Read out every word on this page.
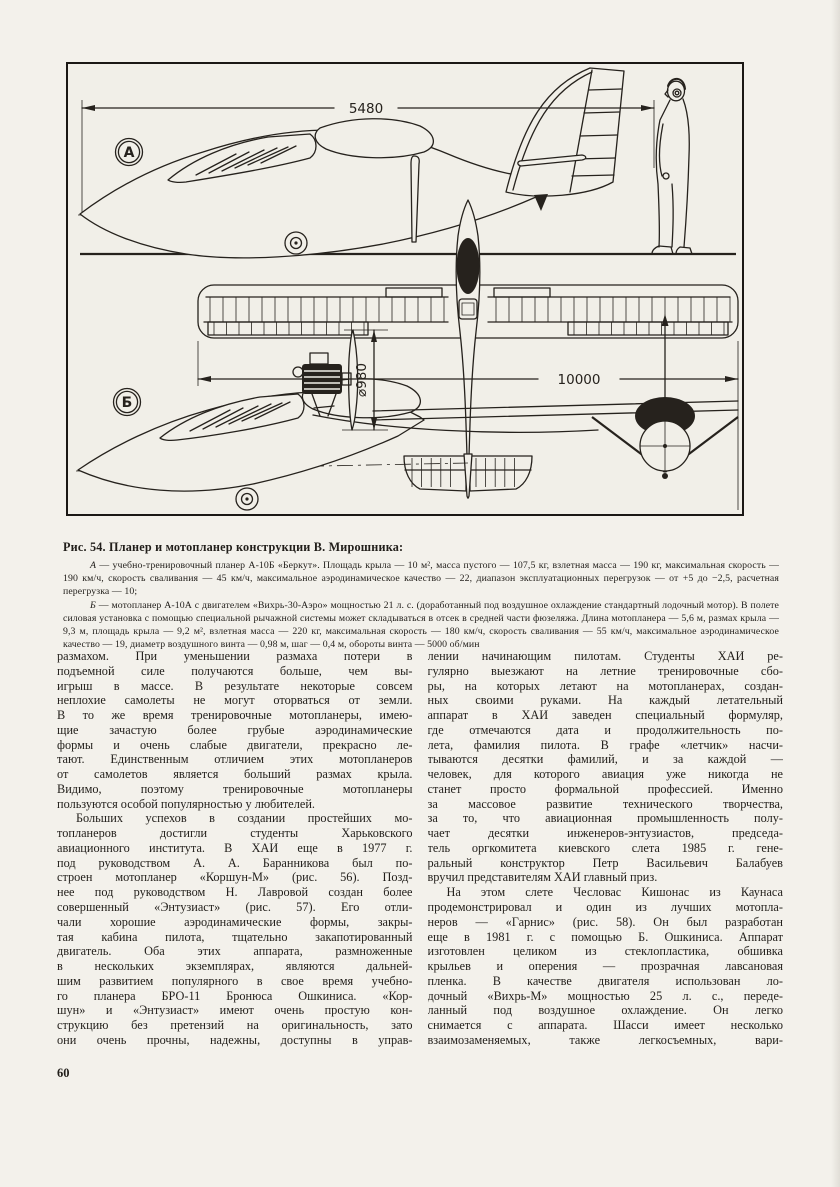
5480
А
⌀980	10000
Б
Рис. 54. Планер и мотопланер конструкции В. Мирошника:

А — учебно-тренировочный планер А-10Б «Беркут». Площадь крыла — 10 м², масса пустого — 107,5 кг, взлетная масса — 190 кг, максимальная скорость — 190 км/ч, скорость сваливания — 45 км/ч, максимальное аэродинамическое качество — 22, диапазон эксплуатационных перегрузок — от +5 до −2,5, расчетная перегрузка — 10;

Б — мотопланер А-10А с двигателем «Вихрь-30-Аэро» мощностью 21 л. с. (доработанный под воздушное охлаждение стандартный лодочный мотор). В полете силовая установка с помощью специальной рычажной системы может складываться в отсек в средней части фюзеляжа. Длина мотопланера — 5,6 м, размах крыла — 9,3 м, площадь крыла — 9,2 м², взлетная масса — 220 кг, максимальная скорость — 180 км/ч, скорость сваливания — 55 км/ч, максимальное аэродинамическое качество — 19, диаметр воздушного винта — 0,98 м, шаг — 0,4 м, обороты винта — 5000 об/мин

размахом. При уменьшении размаха потери в
подъемной силе получаются больше, чем вы-
игрыш в массе. В результате некоторые совсем
неплохие самолеты не могут оторваться от земли.
В то же время тренировочные мотопланеры, имею-
щие зачастую более грубые аэродинамические
формы и очень слабые двигатели, прекрасно ле-
тают. Единственным отличием этих мотопланеров
от самолетов является больший размах крыла.
Видимо, поэтому тренировочные мотопланеры
пользуются особой популярностью у любителей.
Больших успехов в создании простейших мо-
топланеров достигли студенты Харьковского
авиационного института. В ХАИ еще в 1977 г.
под руководством А. А. Баранникова был по-
строен мотопланер «Коршун-М» (рис. 56). Позд-
нее под руководством Н. Лавровой создан более
совершенный «Энтузиаст» (рис. 57). Его отли-
чали хорошие аэродинамические формы, закры-
тая кабина пилота, тщательно закапотированный
двигатель. Оба этих аппарата, размноженные
в нескольких экземплярах, являются дальней-
шим развитием популярного в свое время учебно-
го планера БРО-11 Бронюса Ошкиниса. «Кор-
шун» и «Энтузиаст» имеют очень простую кон-
струкцию без претензий на оригинальность, зато
они очень прочны, надежны, доступны в управ-
лении начинающим пилотам. Студенты ХАИ ре-
гулярно выезжают на летние тренировочные сбо-
ры, на которых летают на мотопланерах, создан-
ных своими руками. На каждый летательный
аппарат в ХАИ заведен специальный формуляр,
где отмечаются дата и продолжительность по-
лета, фамилия пилота. В графе «летчик» насчи-
тываются десятки фамилий, и за каждой —
человек, для которого авиация уже никогда не
станет просто формальной профессией. Именно
за массовое развитие технического творчества,
за то, что авиационная промышленность полу-
чает десятки инженеров-энтузиастов, председа-
тель оргкомитета киевского слета 1985 г. гене-
ральный конструктор Петр Васильевич Балабуев
вручил представителям ХАИ главный приз.
На этом слете Чесловас Кишонас из Каунаса
продемонстрировал и один из лучших мотопла-
неров — «Гарнис» (рис. 58). Он был разработан
еще в 1981 г. с помощью Б. Ошкиниса. Аппарат
изготовлен целиком из стеклопластика, обшивка
крыльев и оперения — прозрачная лавсановая
пленка. В качестве двигателя использован ло-
дочный «Вихрь-М» мощностью 25 л. с., переде-
ланный под воздушное охлаждение. Он легко
снимается с аппарата. Шасси имеет несколько
взаимозаменяемых, также легкосъемных, вари-
60
